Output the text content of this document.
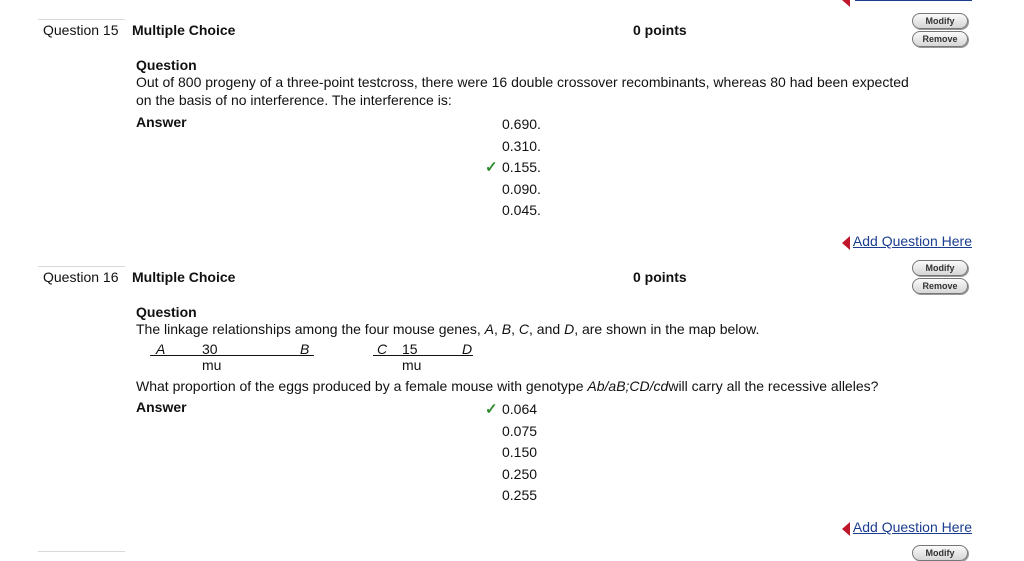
Question 15 Multiple Choice	0 points
Modify
Remove
Question
Out of 800 progeny of a three-point testcross, there were 16 double crossover recombinants, whereas 80 had been expected
on the basis of no interference. The interference is:
Answer	0.690.
0.310.
✓ 0.155.
0.090.
0.045.
Add Question Here
Question 16 Multiple Choice	0 points
Modify
Remove
Question
The linkage relationships among the four mouse genes, A, B, C, and D, are shown in the map below.
A	30 mu
B	C 15 mu
D
What proportion of the eggs produced by a female mouse with genotype Ab/aB;CD/cdwill carry all the recessive alleles?
Answer	✓ 0.064
0.075
0.150
0.250
0.255
Add Question Here
Modify
